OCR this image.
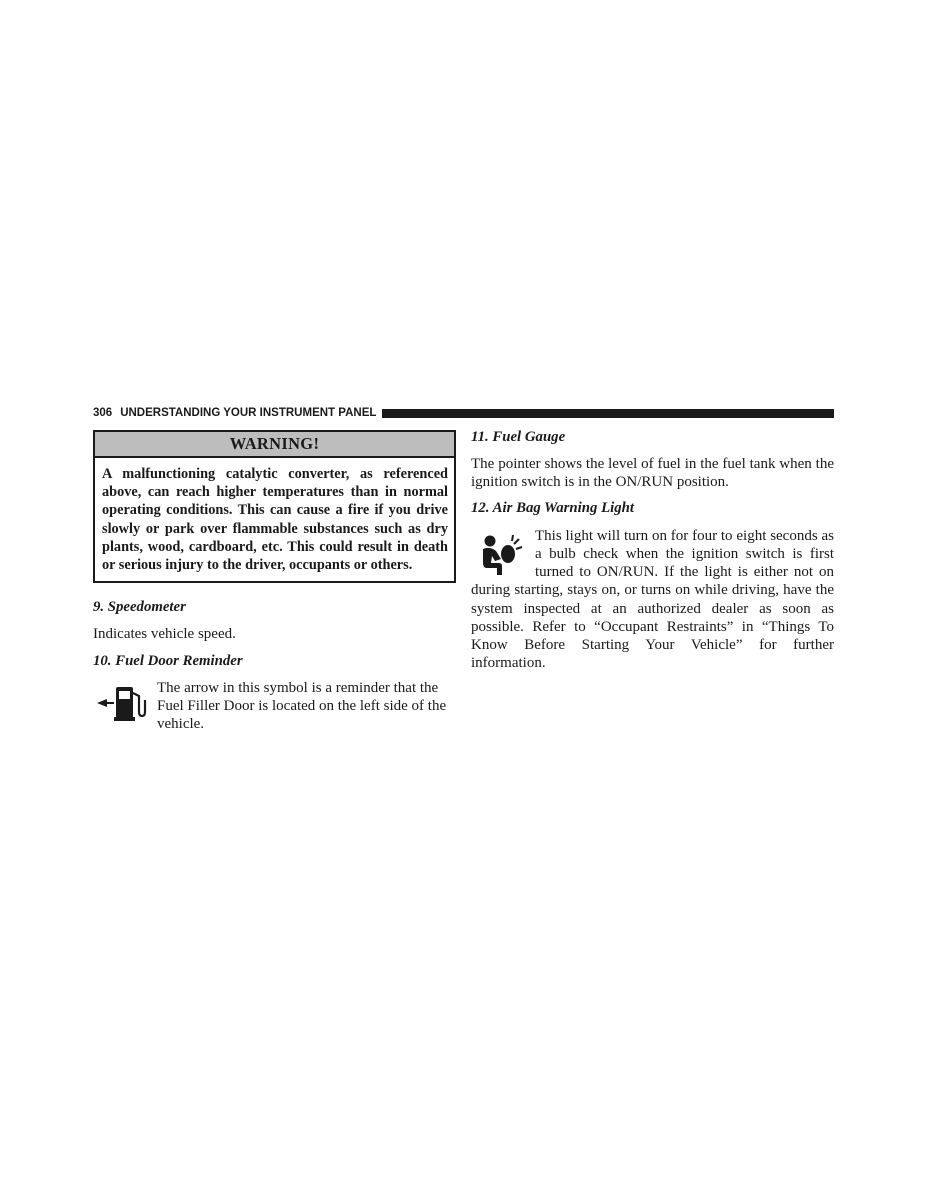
306 UNDERSTANDING YOUR INSTRUMENT PANEL
WARNING!
A malfunctioning catalytic converter, as referenced above, can reach higher temperatures than in normal operating conditions. This can cause a fire if you drive slowly or park over flammable substances such as dry plants, wood, cardboard, etc. This could result in death or serious injury to the driver, occupants or others.
9. Speedometer

Indicates vehicle speed.

10. Fuel Door Reminder

The arrow in this symbol is a reminder that the Fuel Filler Door is located on the left side of the vehicle.

11. Fuel Gauge

The pointer shows the level of fuel in the fuel tank when the ignition switch is in the ON/RUN position.

12. Air Bag Warning Light

This light will turn on for four to eight seconds as a bulb check when the ignition switch is first turned to ON/RUN. If the light is either not on during starting, stays on, or turns on while driving, have the system inspected at an authorized dealer as soon as possible. Refer to “Occupant Restraints” in “Things To Know Before Starting Your Vehicle” for further information.
